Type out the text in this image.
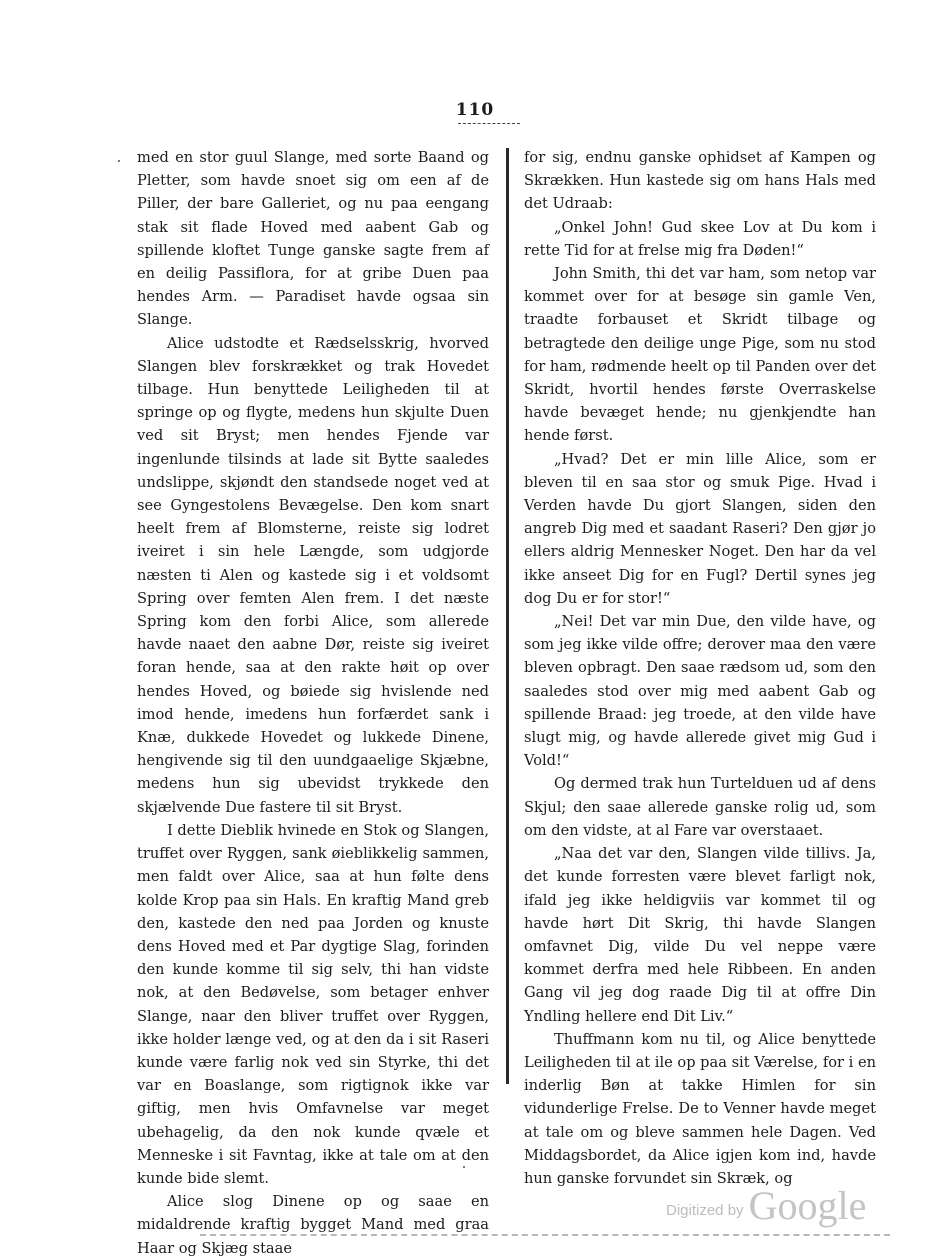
110

med en stor guul Slange, med sorte Baand og Pletter, som havde snoet sig om een af de Piller, der bare Galleriet, og nu paa eengang stak sit flade Hoved med aabent Gab og spillende kloftet Tunge ganske sagte frem af en deilig Passiflora, for at gribe Duen paa hendes Arm. — Paradiset havde ogsaa sin Slange.

Alice udstodte et Rædselsskrig, hvorved Slangen blev forskrækket og trak Hovedet tilbage. Hun benyttede Leiligheden til at springe op og flygte, medens hun skjulte Duen ved sit Bryst; men hendes Fjende var ingenlunde tilsinds at lade sit Bytte saaledes undslippe, skjøndt den standsede noget ved at see Gyngestolens Bevægelse. Den kom snart heelt frem af Blomsterne, reiste sig lodret iveiret i sin hele Længde, som udgjorde næsten ti Alen og kastede sig i et voldsomt Spring over femten Alen frem. I det næste Spring kom den forbi Alice, som allerede havde naaet den aabne Dør, reiste sig iveiret foran hende, saa at den rakte høit op over hendes Hoved, og bøiede sig hvislende ned imod hende, imedens hun forfærdet sank i Knæ, dukkede Hovedet og lukkede Dinene, hengivende sig til den uundgaaelige Skjæbne, medens hun sig ubevidst trykkede den skjælvende Due fastere til sit Bryst.

I dette Dieblik hvinede en Stok og Slangen, truffet over Ryggen, sank øieblikkelig sammen, men faldt over Alice, saa at hun følte dens kolde Krop paa sin Hals. En kraftig Mand greb den, kastede den ned paa Jorden og knuste dens Hoved med et Par dygtige Slag, forinden den kunde komme til sig selv, thi han vidste nok, at den Bedøvelse, som betager enhver Slange, naar den bliver truffet over Ryggen, ikke holder længe ved, og at den da i sit Raseri kunde være farlig nok ved sin Styrke, thi det var en Boaslange, som rigtignok ikke var giftig, men hvis Omfavnelse var meget ubehagelig, da den nok kunde qvæle et Menneske i sit Favntag, ikke at tale om at den kunde bide slemt.

Alice slog Dinene op og saae en midaldrende kraftig bygget Mand med graa Haar og Skjæg staae

for sig, endnu ganske ophidset af Kampen og Skrækken. Hun kastede sig om hans Hals med det Udraab:

„Onkel John! Gud skee Lov at Du kom i rette Tid for at frelse mig fra Døden!“

John Smith, thi det var ham, som netop var kommet over for at besøge sin gamle Ven, traadte forbauset et Skridt tilbage og betragtede den deilige unge Pige, som nu stod for ham, rødmende heelt op til Panden over det Skridt, hvortil hendes første Overraskelse havde bevæget hende; nu gjenkjendte han hende først.

„Hvad? Det er min lille Alice, som er bleven til en saa stor og smuk Pige. Hvad i Verden havde Du gjort Slangen, siden den angreb Dig med et saadant Raseri? Den gjør jo ellers aldrig Mennesker Noget. Den har da vel ikke anseet Dig for en Fugl? Dertil synes jeg dog Du er for stor!“

„Nei! Det var min Due, den vilde have, og som jeg ikke vilde offre; derover maa den være bleven opbragt. Den saae rædsom ud, som den saaledes stod over mig med aabent Gab og spillende Braad: jeg troede, at den vilde have slugt mig, og havde allerede givet mig Gud i Vold!“

Og dermed trak hun Turtelduen ud af dens Skjul; den saae allerede ganske rolig ud, som om den vidste, at al Fare var overstaaet.

„Naa det var den, Slangen vilde tillivs. Ja, det kunde forresten være blevet farligt nok, ifald jeg ikke heldigviis var kommet til og havde hørt Dit Skrig, thi havde Slangen omfavnet Dig, vilde Du vel neppe være kommet derfra med hele Ribbeen. En anden Gang vil jeg dog raade Dig til at offre Din Yndling hellere end Dit Liv.“

Thuffmann kom nu til, og Alice benyttede Leiligheden til at ile op paa sit Værelse, for i en inderlig Bøn at takke Himlen for sin vidunderlige Frelse. De to Venner havde meget at tale om og bleve sammen hele Dagen. Ved Middagsbordet, da Alice igjen kom ind, havde hun ganske forvundet sin Skræk, og

Digitized by Google
